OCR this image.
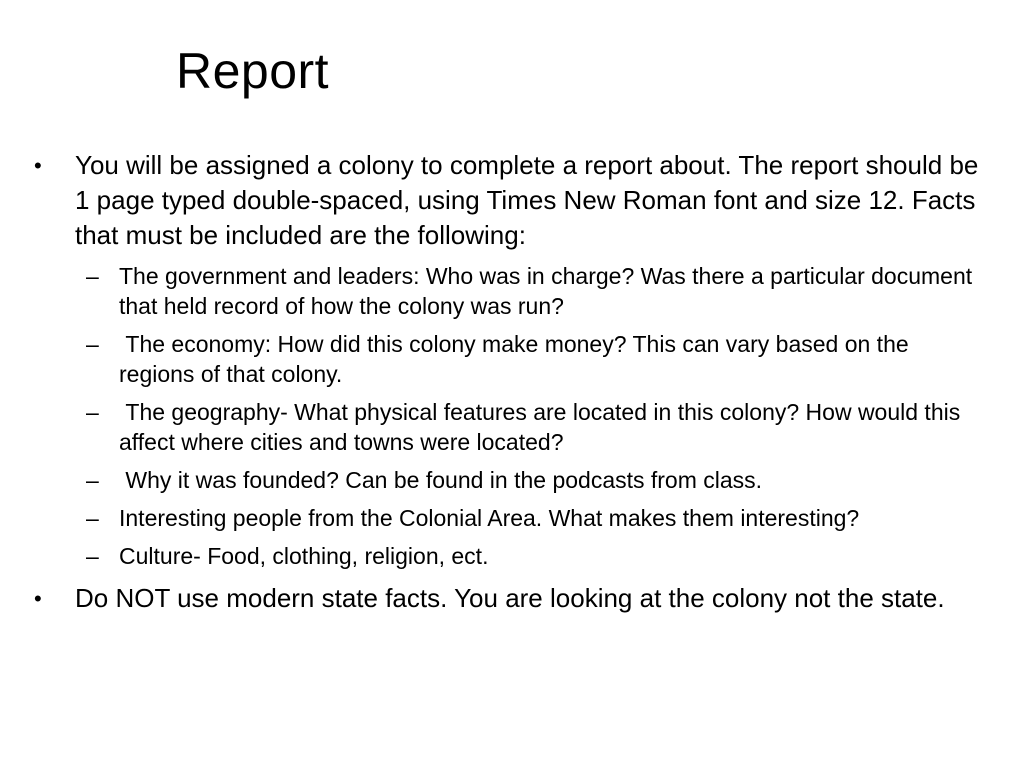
Report
• You will be assigned a colony to complete a report about. The report should be 1 page typed double-spaced, using Times New Roman font and size 12. Facts that must be included are the following:
– The government and leaders: Who was in charge? Was there a particular document that held record of how the colony was run?
– The economy: How did this colony make money? This can vary based on the regions of that colony.
– The geography- What physical features are located in this colony? How would this affect where cities and towns were located?
– Why it was founded? Can be found in the podcasts from class.
– Interesting people from the Colonial Area. What makes them interesting?
– Culture- Food, clothing, religion, ect.
• Do NOT use modern state facts. You are looking at the colony not the state.
